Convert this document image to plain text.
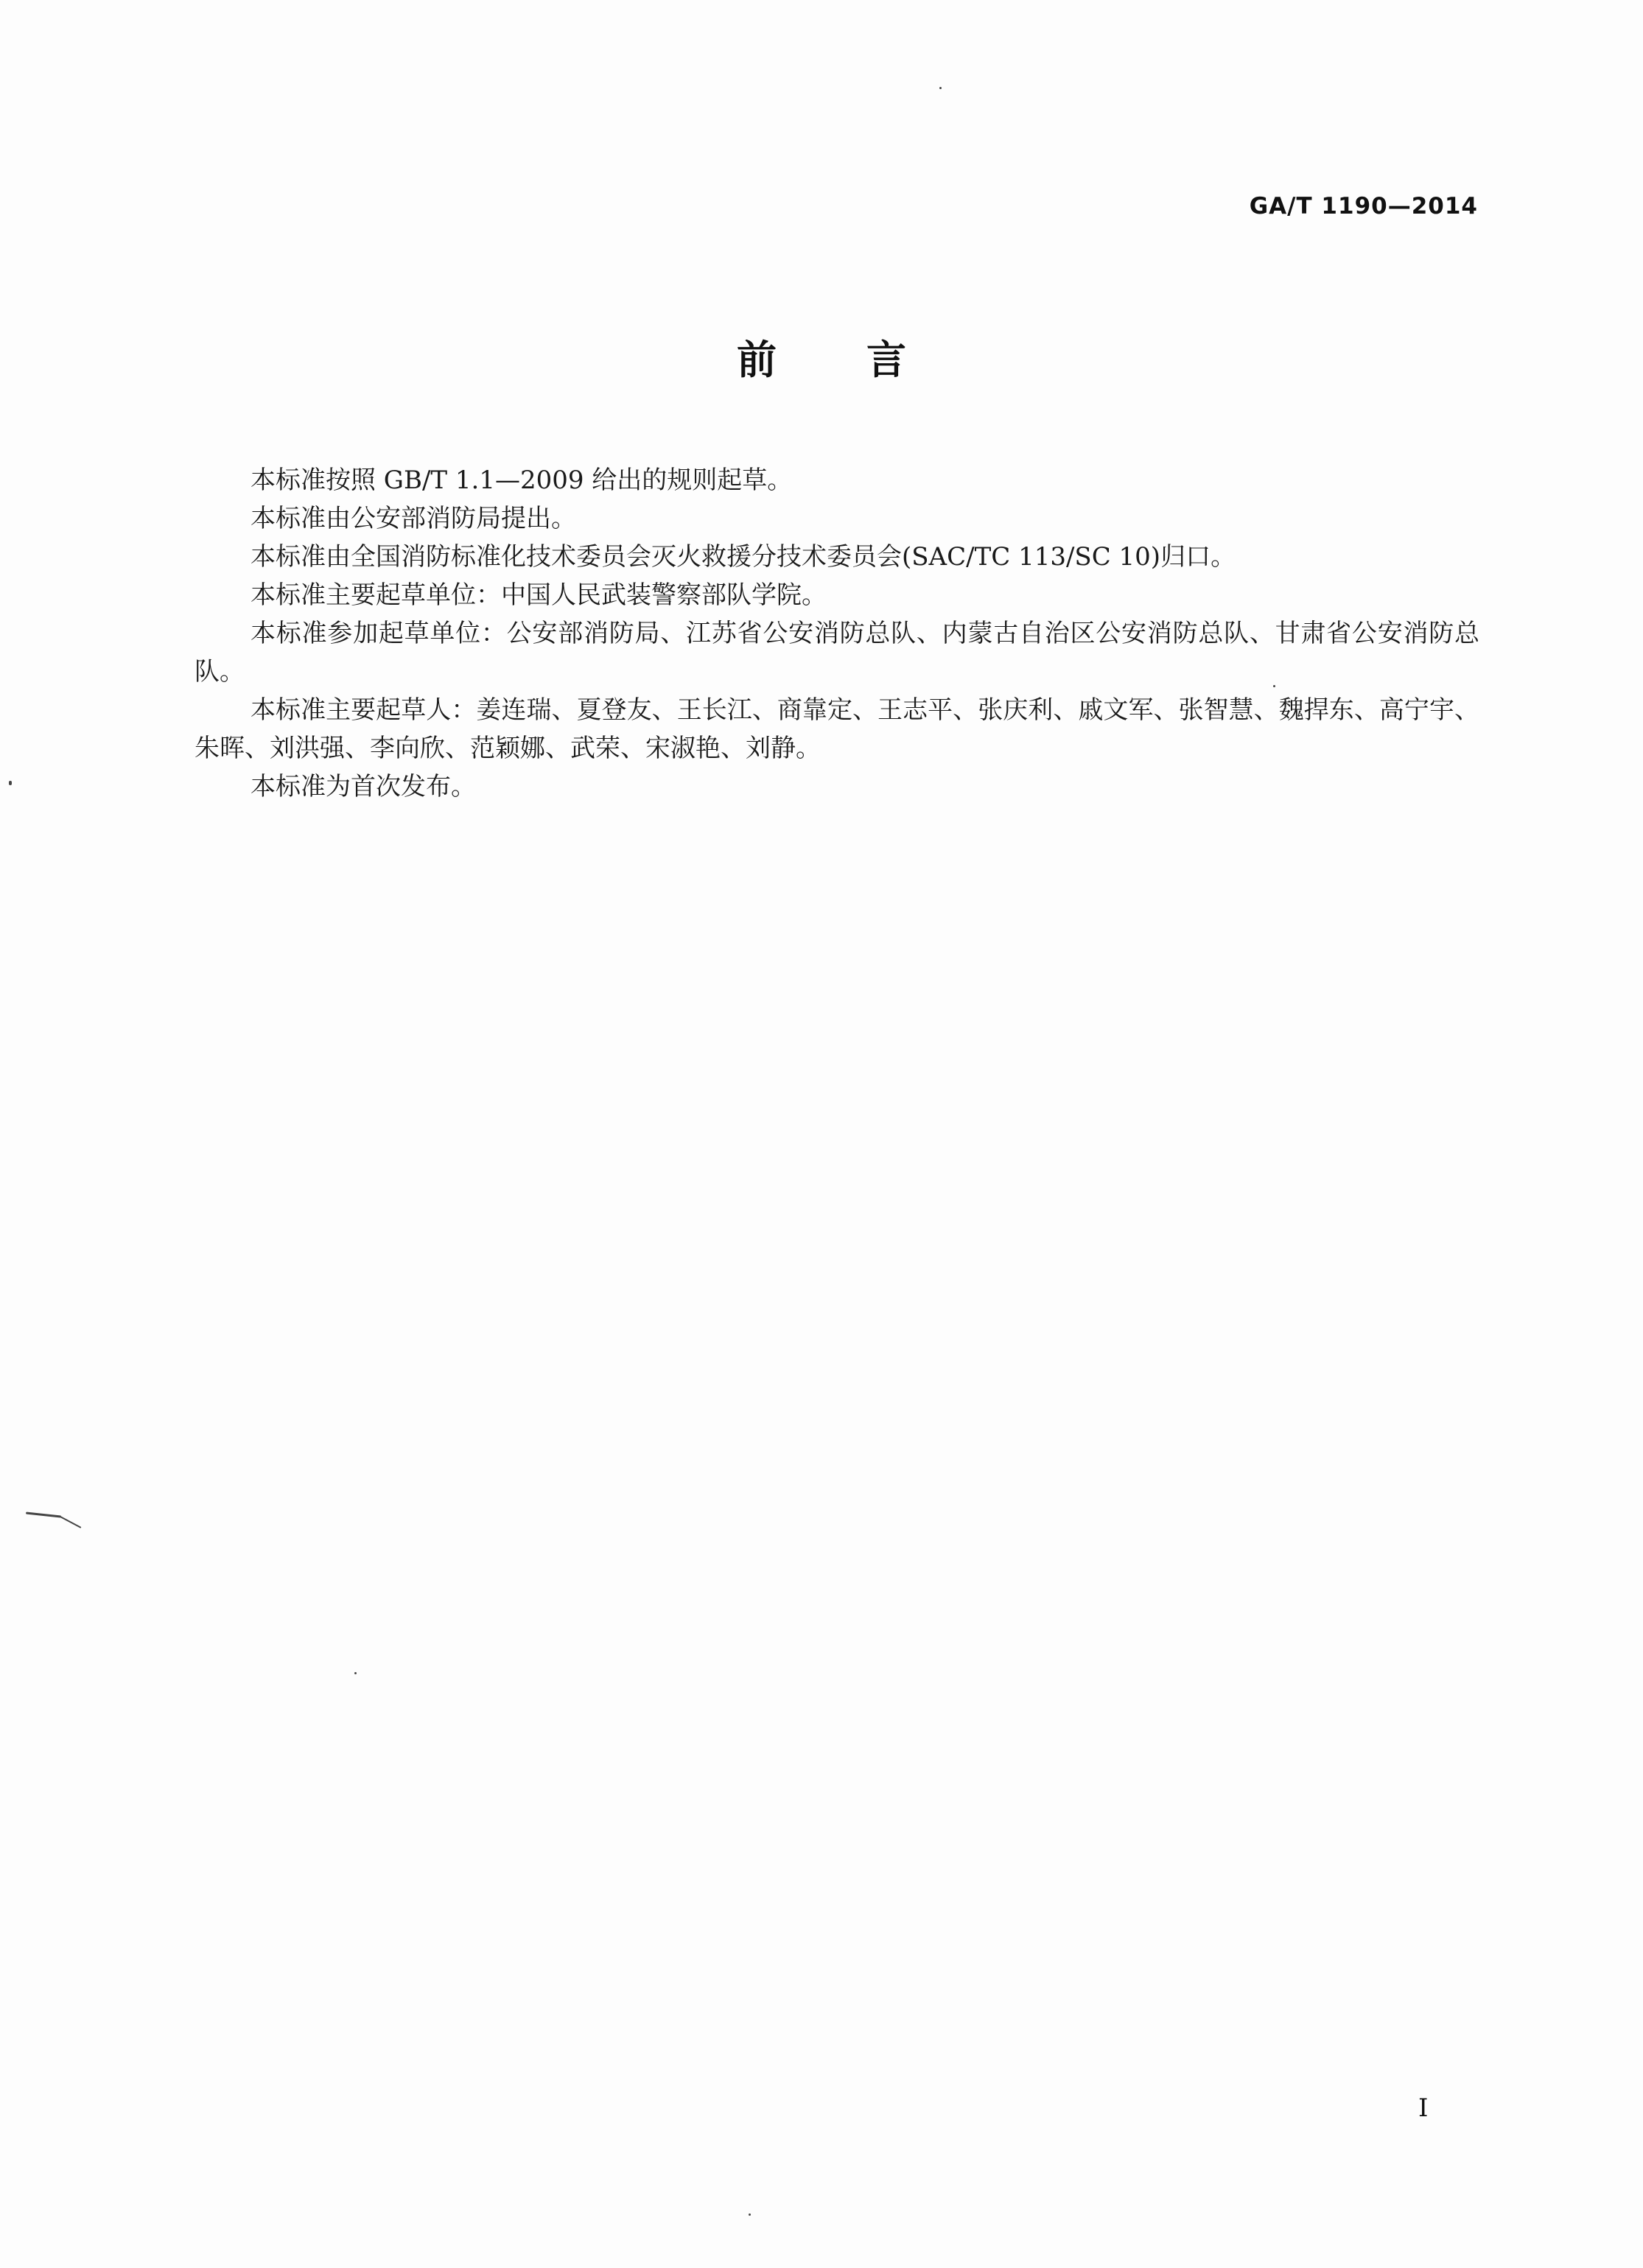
GA/T 1190—2014
前言

本标准按照 GB/T 1.1—2009 给出的规则起草。

本标准由公安部消防局提出。

本标准由全国消防标准化技术委员会灭火救援分技术委员会(SAC/TC 113/SC 10)归口。

本标准主要起草单位：中国人民武装警察部队学院。

本标准参加起草单位：公安部消防局、江苏省公安消防总队、内蒙古自治区公安消防总队、甘肃省公安消防总队。

本标准主要起草人：姜连瑞、夏登友、王长江、商靠定、王志平、张庆利、戚文军、张智慧、魏捍东、高宁宇、朱晖、刘洪强、李向欣、范颖娜、武荣、宋淑艳、刘静。

本标准为首次发布。

I
